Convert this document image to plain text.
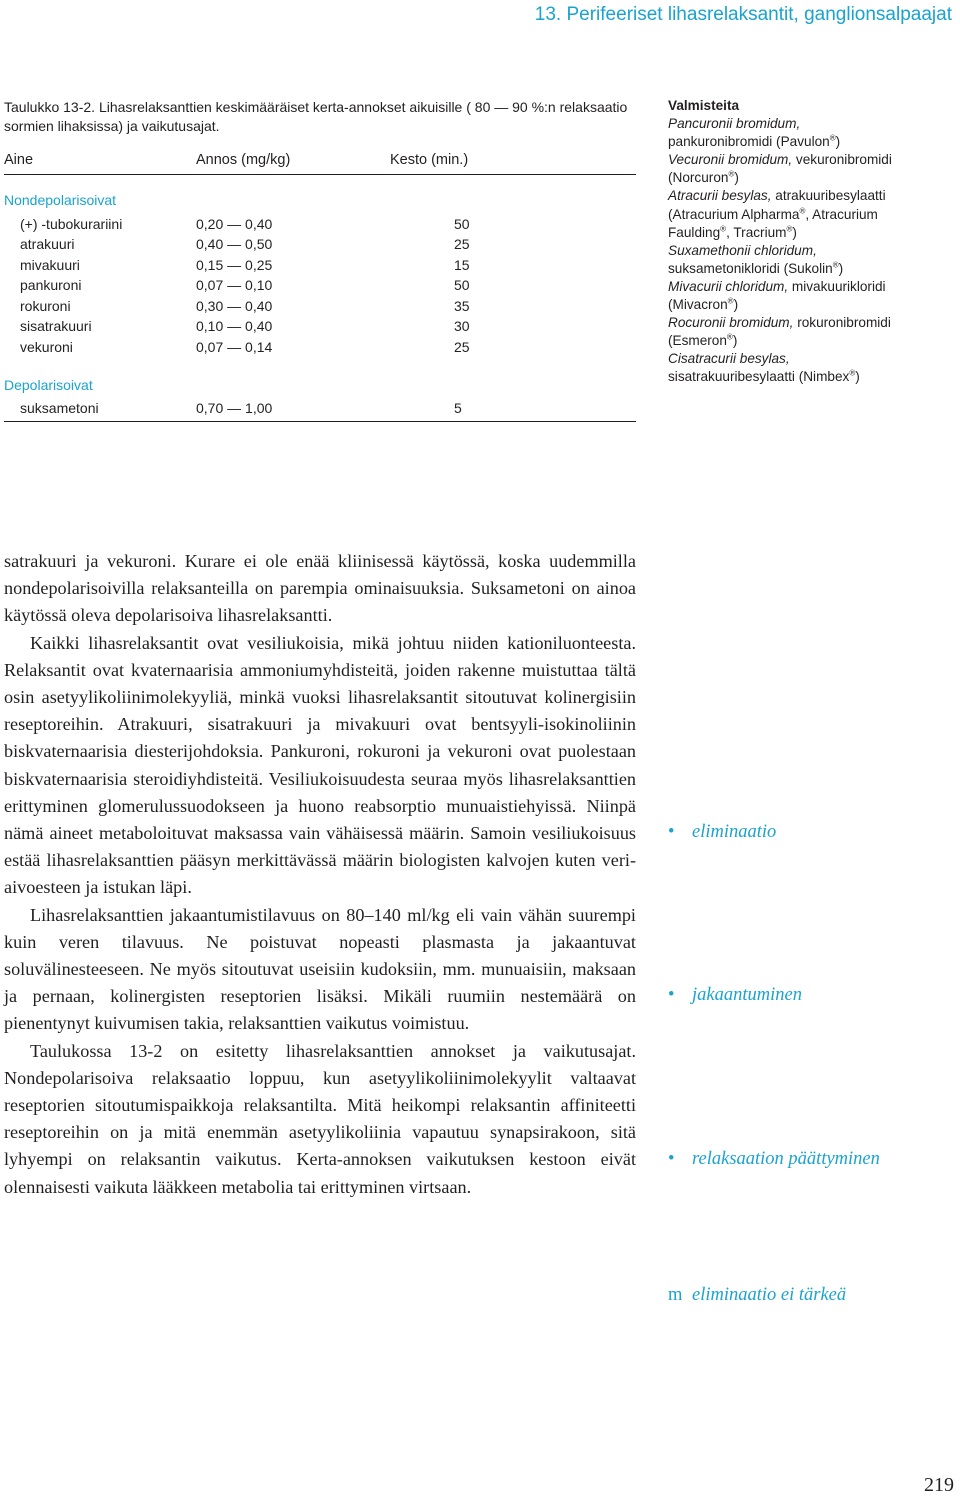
13. Perifeeriset lihasrelaksantit, ganglionsalpaajat
Taulukko 13-2. Lihasrelaksanttien keskimääräiset kerta-annokset aikuisille ( 80 — 90 %:n relaksaatio sormien lihaksissa) ja vaikutusajat.
Aine	Annos (mg/kg)	Kesto (min.)
Nondepolarisoivat
(+) -tubokurariini	0,20 — 0,40	50
atrakuuri	0,40 — 0,50	25
mivakuuri	0,15 — 0,25	15
pankuroni	0,07 — 0,10	50
rokuroni	0,30 — 0,40	35
sisatrakuuri	0,10 — 0,40	30
vekuroni	0,07 — 0,14	25
Depolarisoivat
suksametoni	0,70 — 1,00	5
Valmisteita
Pancuronii bromidum,
pankuronibromidi (Pavulon®)
Vecuronii bromidum, vekuronibromidi
(Norcuron®)
Atracurii besylas, atrakuuribesylaatti
(Atracurium Alpharma®, Atracurium
Faulding®, Tracrium®)
Suxamethonii chloridum,
suksametonikloridi (Sukolin®)
Mivacurii chloridum, mivakuurikloridi
(Mivacron®)
Rocuronii bromidum, rokuronibromidi
(Esmeron®)
Cisatracurii besylas,
sisatrakuuribesylaatti (Nimbex®)

satrakuuri ja vekuroni. Kurare ei ole enää kliinisessä käytössä, koska uudemmilla nondepolarisoivilla relaksanteilla on parempia ominaisuuksia. Suksametoni on ainoa käytössä oleva depolarisoiva lihasrelaksantti.

Kaikki lihasrelaksantit ovat vesiliukoisia, mikä johtuu niiden kationiluonteesta. Relaksantit ovat kvaternaarisia ammoniumyhdisteitä, joiden rakenne muistuttaa tältä osin asetyylikoliinimolekyyliä, minkä vuoksi lihasrelaksantit sitoutuvat kolinergisiin reseptoreihin. Atrakuuri, sisatrakuuri ja mivakuuri ovat bentsyyli-isokinoliinin biskvaternaarisia diesterijohdoksia. Pankuroni, rokuroni ja vekuroni ovat puolestaan biskvaternaarisia steroidiyhdisteitä. Vesiliukoisuudesta seuraa myös lihasrelaksanttien erittyminen glomerulussuodokseen ja huono reabsorptio munuaistiehyissä. Niinpä nämä aineet metaboloituvat maksassa vain vähäisessä määrin. Samoin vesiliukoisuus estää lihasrelaksanttien pääsyn merkittävässä määrin biologisten kalvojen kuten veri-aivoesteen ja istukan läpi.

Lihasrelaksanttien jakaantumistilavuus on 80–140 ml/kg eli vain vähän suurempi kuin veren tilavuus. Ne poistuvat nopeasti plasmasta ja jakaantuvat soluvälinesteeseen. Ne myös sitoutuvat useisiin kudoksiin, mm. munuaisiin, maksaan ja pernaan, kolinergisten reseptorien lisäksi. Mikäli ruumiin nestemäärä on pienentynyt kuivumisen takia, relaksanttien vaikutus voimistuu.

Taulukossa 13-2 on esitetty lihasrelaksanttien annokset ja vaikutusajat. Nondepolarisoiva relaksaatio loppuu, kun asetyylikoliinimolekyylit valtaavat reseptorien sitoutumispaikkoja relaksantilta. Mitä heikompi relaksantin affiniteetti reseptoreihin on ja mitä enemmän asetyylikoliinia vapautuu synapsirakoon, sitä lyhyempi on relaksantin vaikutus. Kerta-annoksen vaikutuksen kestoon eivät olennaisesti vaikuta lääkkeen metabolia tai erittyminen virtsaan.

• eliminaatio
• jakaantuminen
• relaksaation päättyminen
m eliminaatio ei tärkeä
219
